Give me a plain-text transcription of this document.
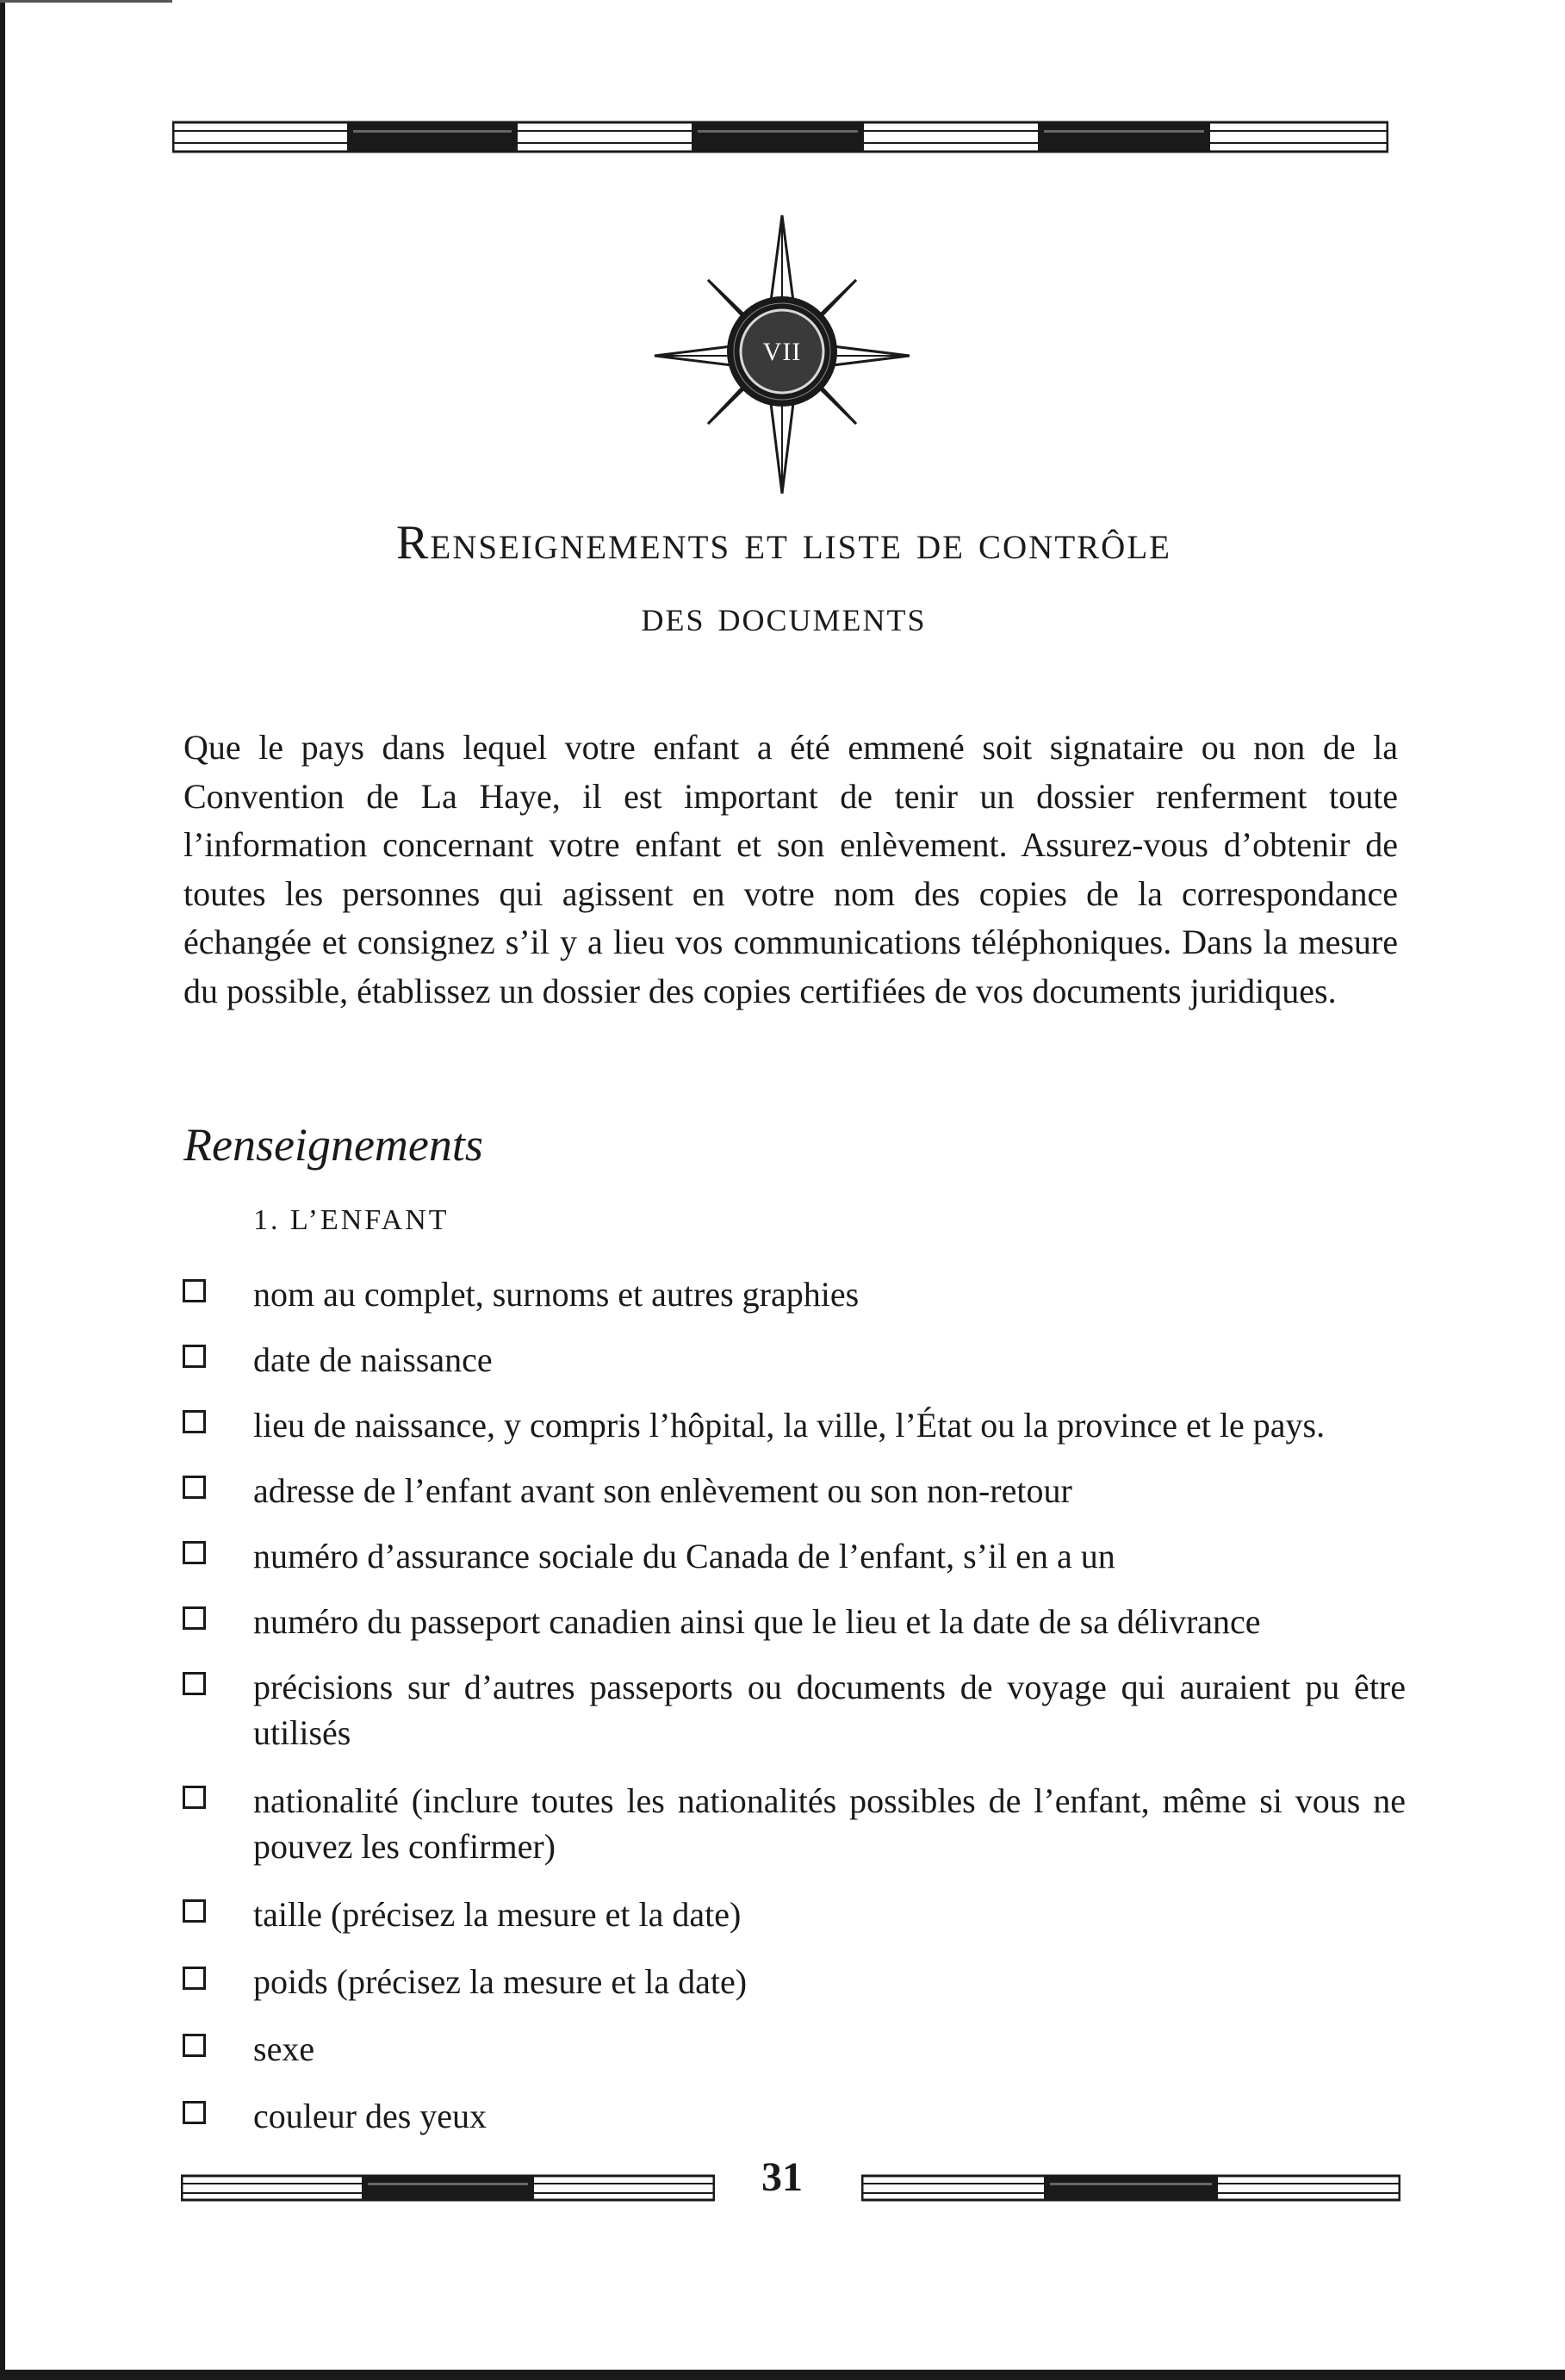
VII
Renseignements et liste de contrôle
des documents

Que le pays dans lequel votre enfant a été emmené soit signataire ou non de la Convention de La Haye, il est important de tenir un dossier renferment toute l’information concernant votre enfant et son enlèvement. Assurez-vous d’obtenir de toutes les personnes qui agissent en votre nom des copies de la correspondance échangée et consignez s’il y a lieu vos communications téléphoniques. Dans la mesure du possible, établissez un dossier des copies certifiées de vos documents juridiques.

Renseignements
1. L’ENFANT
nom au complet, surnoms et autres graphies
date de naissance
lieu de naissance, y compris l’hôpital, la ville, l’État ou la province et le pays.
adresse de l’enfant avant son enlèvement ou son non-retour
numéro d’assurance sociale du Canada de l’enfant, s’il en a un
numéro du passeport canadien ainsi que le lieu et la date de sa délivrance
précisions sur d’autres passeports ou documents de voyage qui auraient pu être utilisés
nationalité (inclure toutes les nationalités possibles de l’enfant, même si vous ne pouvez les confirmer)
taille (précisez la mesure et la date)
poids (précisez la mesure et la date)
sexe
couleur des yeux
31
